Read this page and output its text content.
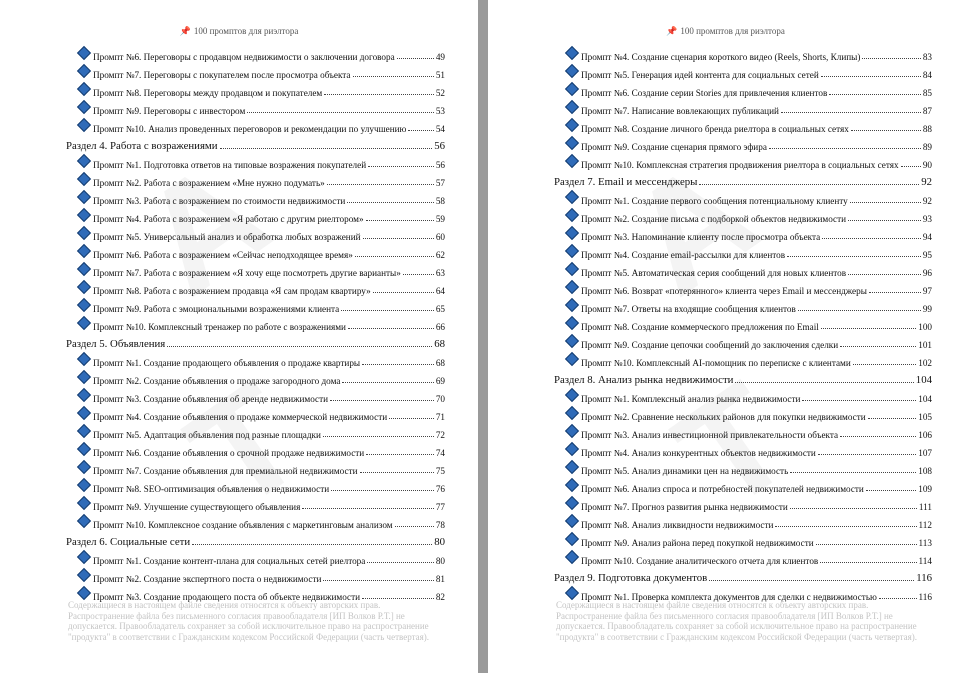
📌 100 промптов для риэлтора
Промпт №6. Переговоры с продавцом недвижимости о заключении договора	49
Промпт №7. Переговоры с покупателем после просмотра объекта	51
Промпт №8. Переговоры между продавцом и покупателем	52
Промпт №9. Переговоры с инвестором	53
Промпт №10. Анализ проведенных переговоров и рекомендации по улучшению	54
Раздел 4. Работа с возражениями	56
Промпт №1. Подготовка ответов на типовые возражения покупателей	56
Промпт №2. Работа с возражением «Мне нужно подумать»	57
Промпт №3. Работа с возражением по стоимости недвижимости	58
Промпт №4. Работа с возражением «Я работаю с другим риелтором»	59
Промпт №5. Универсальный анализ и обработка любых возражений	60
Промпт №6. Работа с возражением «Сейчас неподходящее время»	62
Промпт №7. Работа с возражением «Я хочу еще посмотреть другие варианты»	63
Промпт №8. Работа с возражением продавца «Я сам продам квартиру»	64
Промпт №9. Работа с эмоциональными возражениями клиента	65
Промпт №10. Комплексный тренажер по работе с возражениями	66
Раздел 5. Объявления	68
Промпт №1. Создание продающего объявления о продаже квартиры	68
Промпт №2. Создание объявления о продаже загородного дома	69
Промпт №3. Создание объявления об аренде недвижимости	70
Промпт №4. Создание объявления о продаже коммерческой недвижимости	71
Промпт №5. Адаптация объявления под разные площадки	72
Промпт №6. Создание объявления о срочной продаже недвижимости	74
Промпт №7. Создание объявления для премиальной недвижимости	75
Промпт №8. SEO-оптимизация объявления о недвижимости	76
Промпт №9. Улучшение существующего объявления	77
Промпт №10. Комплексное создание объявления с маркетинговым анализом	78
Раздел 6. Социальные сети	80
Промпт №1. Создание контент-плана для социальных сетей риелтора	80
Промпт №2. Создание экспертного поста о недвижимости	81
Промпт №3. Создание продающего поста об объекте недвижимости	82
Содержащиеся в настоящем файле сведения относятся к объекту авторских прав. Распространение файла без письменного согласия правообладателя [ИП Волков Р.Т.] не допускается. Правообладатель сохраняет за собой исключительное право на распространение "продукта" в соответствии с Гражданским кодексом Российской Федерации (часть четвертая).
📌 100 промптов для риэлтора
Промпт №4. Создание сценария короткого видео (Reels, Shorts, Клипы)	83
Промпт №5. Генерация идей контента для социальных сетей	84
Промпт №6. Создание серии Stories для привлечения клиентов	85
Промпт №7. Написание вовлекающих публикаций	87
Промпт №8. Создание личного бренда риелтора в социальных сетях	88
Промпт №9. Создание сценария прямого эфира	89
Промпт №10. Комплексная стратегия продвижения риелтора в социальных сетях	90
Раздел 7. Email и мессенджеры	92
Промпт №1. Создание первого сообщения потенциальному клиенту	92
Промпт №2. Создание письма с подборкой объектов недвижимости	93
Промпт №3. Напоминание клиенту после просмотра объекта	94
Промпт №4. Создание email-рассылки для клиентов	95
Промпт №5. Автоматическая серия сообщений для новых клиентов	96
Промпт №6. Возврат «потерянного» клиента через Email и мессенджеры	97
Промпт №7. Ответы на входящие сообщения клиентов	99
Промпт №8. Создание коммерческого предложения по Email	100
Промпт №9. Создание цепочки сообщений до заключения сделки	101
Промпт №10. Комплексный AI-помощник по переписке с клиентами	102
Раздел 8. Анализ рынка недвижимости	104
Промпт №1. Комплексный анализ рынка недвижимости	104
Промпт №2. Сравнение нескольких районов для покупки недвижимости	105
Промпт №3. Анализ инвестиционной привлекательности объекта	106
Промпт №4. Анализ конкурентных объектов недвижимости	107
Промпт №5. Анализ динамики цен на недвижимость	108
Промпт №6. Анализ спроса и потребностей покупателей недвижимости	109
Промпт №7. Прогноз развития рынка недвижимости	111
Промпт №8. Анализ ликвидности недвижимости	112
Промпт №9. Анализ района перед покупкой недвижимости	113
Промпт №10. Создание аналитического отчета для клиентов	114
Раздел 9. Подготовка документов	116
Промпт №1. Проверка комплекта документов для сделки с недвижимостью	116
Содержащиеся в настоящем файле сведения относятся к объекту авторских прав. Распространение файла без письменного согласия правообладателя [ИП Волков Р.Т.] не допускается. Правообладатель сохраняет за собой исключительное право на распространение "продукта" в соответствии с Гражданским кодексом Российской Федерации (часть четвертая).
